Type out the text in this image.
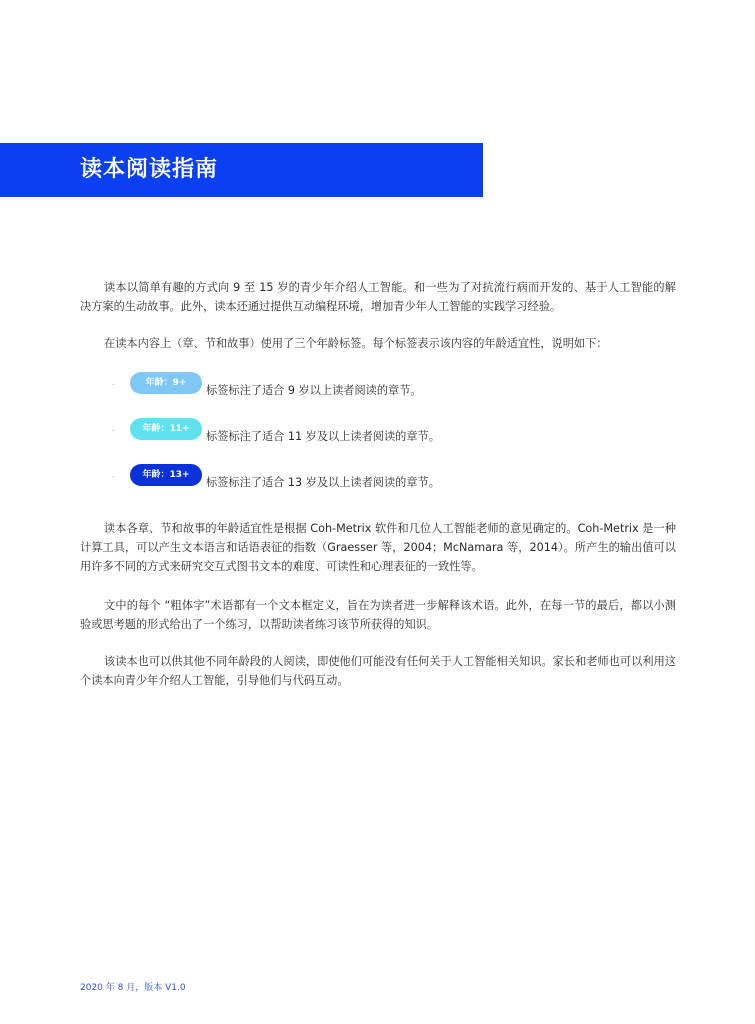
读本阅读指南

读本以简单有趣的方式向 9 至 15 岁的青少年介绍人工智能。和一些为了对抗流行病而开发的、基于人工智能的解决方案的生动故事。此外，读本还通过提供互动编程环境，增加青少年人工智能的实践学习经验。

在读本内容上（章、节和故事）使用了三个年龄标签。每个标签表示该内容的年龄适宜性，说明如下：

·	年龄：9+
标签标注了适合 9 岁以上读者阅读的章节。
·	年龄：11+
标签标注了适合 11 岁及以上读者阅读的章节。
·	年龄：13+
标签标注了适合 13 岁及以上读者阅读的章节。

读本各章、节和故事的年龄适宜性是根据 Coh-Metrix 软件和几位人工智能老师的意见确定的。Coh-Metrix 是一种计算工具，可以产生文本语言和话语表征的指数（Graesser 等，2004；McNamara 等，2014）。所产生的输出值可以用许多不同的方式来研究交互式图书文本的难度、可读性和心理表征的一致性等。

文中的每个 “粗体字”术语都有一个文本框定义，旨在为读者进一步解释该术语。此外，在每一节的最后，都以小测验或思考题的形式给出了一个练习，以帮助读者练习该节所获得的知识。

该读本也可以供其他不同年龄段的人阅读，即使他们可能没有任何关于人工智能相关知识。家长和老师也可以利用这个读本向青少年介绍人工智能，引导他们与代码互动。

2020 年 8 月，版本 V1.0
